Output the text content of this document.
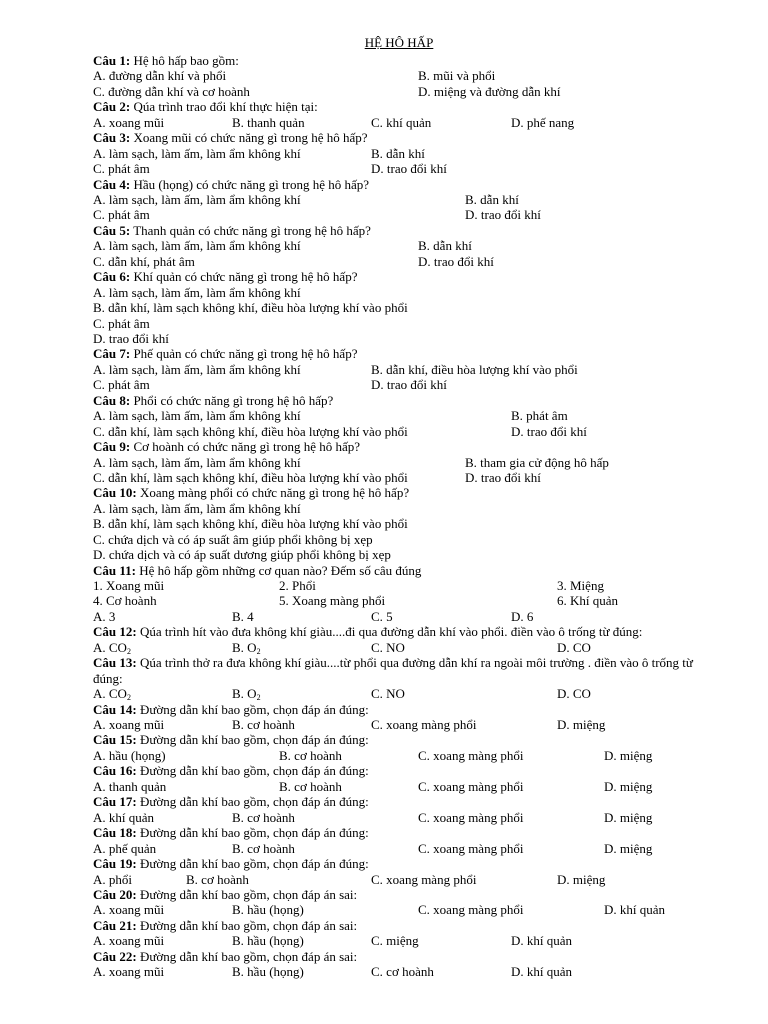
HỆ HÔ HẤP
Câu 1: Hệ hô hấp bao gồm:
A. đường dẫn khí và phổi	B. mũi và phổi
C. đường dẫn khí và cơ hoành	D. miệng và đường dẫn khí
Câu 2: Qúa trình trao đổi khí thực hiện tại:
A. xoang mũi	B. thanh quản	C. khí quản	D. phế nang
Câu 3: Xoang mũi có chức năng gì trong hệ hô hấp?
A. làm sạch, làm ấm, làm ẩm không khí	B. dẫn khí
C. phát âm	D. trao đổi khí
Câu 4: Hầu (họng) có chức năng gì trong hệ hô hấp?
A. làm sạch, làm ấm, làm ẩm không khí	B. dẫn khí
C. phát âm	D. trao đổi khí
Câu 5: Thanh quản có chức năng gì trong hệ hô hấp?
A. làm sạch, làm ấm, làm ẩm không khí	B. dẫn khí
C. dẫn khí, phát âm	D. trao đổi khí
Câu 6: Khí quản có chức năng gì trong hệ hô hấp?
A. làm sạch, làm ấm, làm ẩm không khí
B. dẫn khí, làm sạch không khí, điều hòa lượng khí vào phổi
C. phát âm
D. trao đổi khí
Câu 7: Phế quản có chức năng gì trong hệ hô hấp?
A. làm sạch, làm ấm, làm ẩm không khí	B. dẫn khí, điều hòa lượng khí vào phổi
C. phát âm	D. trao đổi khí
Câu 8: Phổi có chức năng gì trong hệ hô hấp?
A. làm sạch, làm ấm, làm ẩm không khí	B. phát âm
C. dẫn khí, làm sạch không khí, điều hòa lượng khí vào phổi	D. trao đổi khí
Câu 9: Cơ hoành có chức năng gì trong hệ hô hấp?
A. làm sạch, làm ấm, làm ẩm không khí	B. tham gia cử động hô hấp
C. dẫn khí, làm sạch không khí, điều hòa lượng khí vào phổi	D. trao đổi khí
Câu 10: Xoang màng phổi có chức năng gì trong hệ hô hấp?
A. làm sạch, làm ấm, làm ẩm không khí
B. dẫn khí, làm sạch không khí, điều hòa lượng khí vào phổi
C. chứa dịch và có áp suất âm giúp phổi không bị xẹp
D. chứa dịch và có áp suất dương giúp phổi không bị xẹp
Câu 11: Hệ hô hấp gồm những cơ quan nào? Đếm số câu đúng
1. Xoang mũi	2. Phổi	3. Miệng
4. Cơ hoành	5. Xoang màng phổi	6. Khí quản
A. 3	B. 4	C. 5	D. 6
Câu 12: Qúa trình hít vào đưa không khí giàu....đi qua đường dẫn khí vào phổi. điền vào ô trống từ đúng:
A. $CO_2$	B. $O_2$	C. NO	D. CO
Câu 13: Qúa trình thở ra đưa không khí giàu....từ phổi qua đường dẫn khí ra ngoài môi trường . điền vào ô trống từ đúng:
A. $CO_2$	B. $O_2$	C. NO	D. CO
Câu 14: Đường dẫn khí bao gồm, chọn đáp án đúng:
A. xoang mũi	B. cơ hoành	C. xoang màng phổi	D. miệng
Câu 15: Đường dẫn khí bao gồm, chọn đáp án đúng:
A. hầu (họng)	B. cơ hoành	C. xoang màng phổi	D. miệng
Câu 16: Đường dẫn khí bao gồm, chọn đáp án đúng:
A. thanh quản	B. cơ hoành	C. xoang màng phổi	D. miệng
Câu 17: Đường dẫn khí bao gồm, chọn đáp án đúng:
A. khí quản	B. cơ hoành	C. xoang màng phổi	D. miệng
Câu 18: Đường dẫn khí bao gồm, chọn đáp án đúng:
A. phế quản	B. cơ hoành	C. xoang màng phổi	D. miệng
Câu 19: Đường dẫn khí bao gồm, chọn đáp án đúng:
A. phổi	B. cơ hoành	C. xoang màng phổi	D. miệng
Câu 20: Đường dẫn khí bao gồm, chọn đáp án sai:
A. xoang mũi	B. hầu (họng)	C. xoang màng phổi	D. khí quản
Câu 21: Đường dẫn khí bao gồm, chọn đáp án sai:
A. xoang mũi	B. hầu (họng)	C. miệng	D. khí quản
Câu 22: Đường dẫn khí bao gồm, chọn đáp án sai:
A. xoang mũi	B. hầu (họng)	C. cơ hoành	D. khí quản
